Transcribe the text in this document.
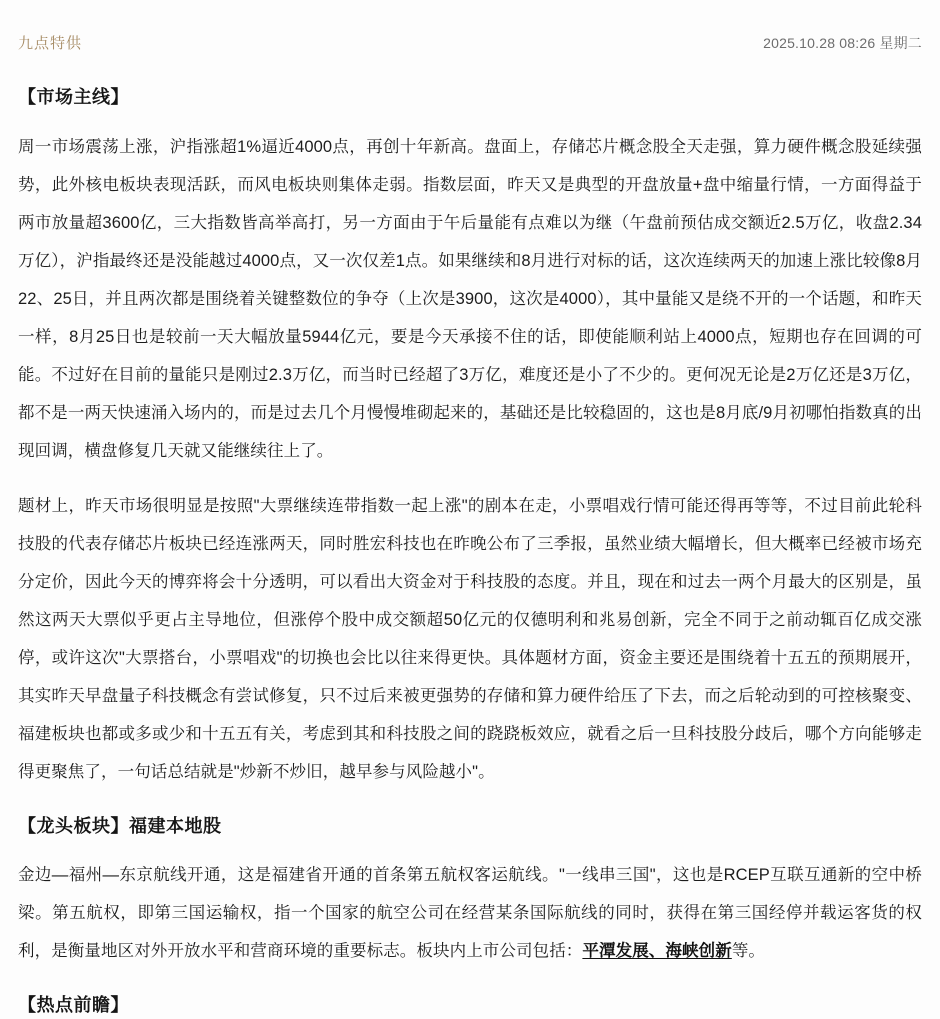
九点特供	2025.10.28 08:26 星期二
【市场主线】

周一市场震荡上涨，沪指涨超1%逼近4000点，再创十年新高。盘面上，存储芯片概念股全天走强，算力硬件概念股延续强势，此外核电板块表现活跃，而风电板块则集体走弱。指数层面，昨天又是典型的开盘放量+盘中缩量行情，一方面得益于两市放量超3600亿，三大指数皆高举高打，另一方面由于午后量能有点难以为继（午盘前预估成交额近2.5万亿，收盘2.34万亿），沪指最终还是没能越过4000点，又一次仅差1点。如果继续和8月进行对标的话，这次连续两天的加速上涨比较像8月22、25日，并且两次都是围绕着关键整数位的争夺（上次是3900，这次是4000），其中量能又是绕不开的一个话题，和昨天一样，8月25日也是较前一天大幅放量5944亿元，要是今天承接不住的话，即使能顺利站上4000点，短期也存在回调的可能。不过好在目前的量能只是刚过2.3万亿，而当时已经超了3万亿，难度还是小了不少的。更何况无论是2万亿还是3万亿，都不是一两天快速涌入场内的，而是过去几个月慢慢堆砌起来的，基础还是比较稳固的，这也是8月底/9月初哪怕指数真的出现回调，横盘修复几天就又能继续往上了。

题材上，昨天市场很明显是按照"大票继续连带指数一起上涨"的剧本在走，小票唱戏行情可能还得再等等，不过目前此轮科技股的代表存储芯片板块已经连涨两天，同时胜宏科技也在昨晚公布了三季报，虽然业绩大幅增长，但大概率已经被市场充分定价，因此今天的博弈将会十分透明，可以看出大资金对于科技股的态度。并且，现在和过去一两个月最大的区别是，虽然这两天大票似乎更占主导地位，但涨停个股中成交额超50亿元的仅德明利和兆易创新，完全不同于之前动辄百亿成交涨停，或许这次"大票搭台，小票唱戏"的切换也会比以往来得更快。具体题材方面，资金主要还是围绕着十五五的预期展开，其实昨天早盘量子科技概念有尝试修复，只不过后来被更强势的存储和算力硬件给压了下去，而之后轮动到的可控核聚变、福建板块也都或多或少和十五五有关，考虑到其和科技股之间的跷跷板效应，就看之后一旦科技股分歧后，哪个方向能够走得更聚焦了，一句话总结就是"炒新不炒旧，越早参与风险越小"。

【龙头板块】福建本地股

金边—福州—东京航线开通，这是福建省开通的首条第五航权客运航线。"一线串三国"，这也是RCEP互联互通新的空中桥梁。第五航权，即第三国运输权，指一个国家的航空公司在经营某条国际航线的同时，获得在第三国经停并载运客货的权利，是衡量地区对外开放水平和营商环境的重要标志。板块内上市公司包括：平潭发展、海峡创新等。

【热点前瞻】
